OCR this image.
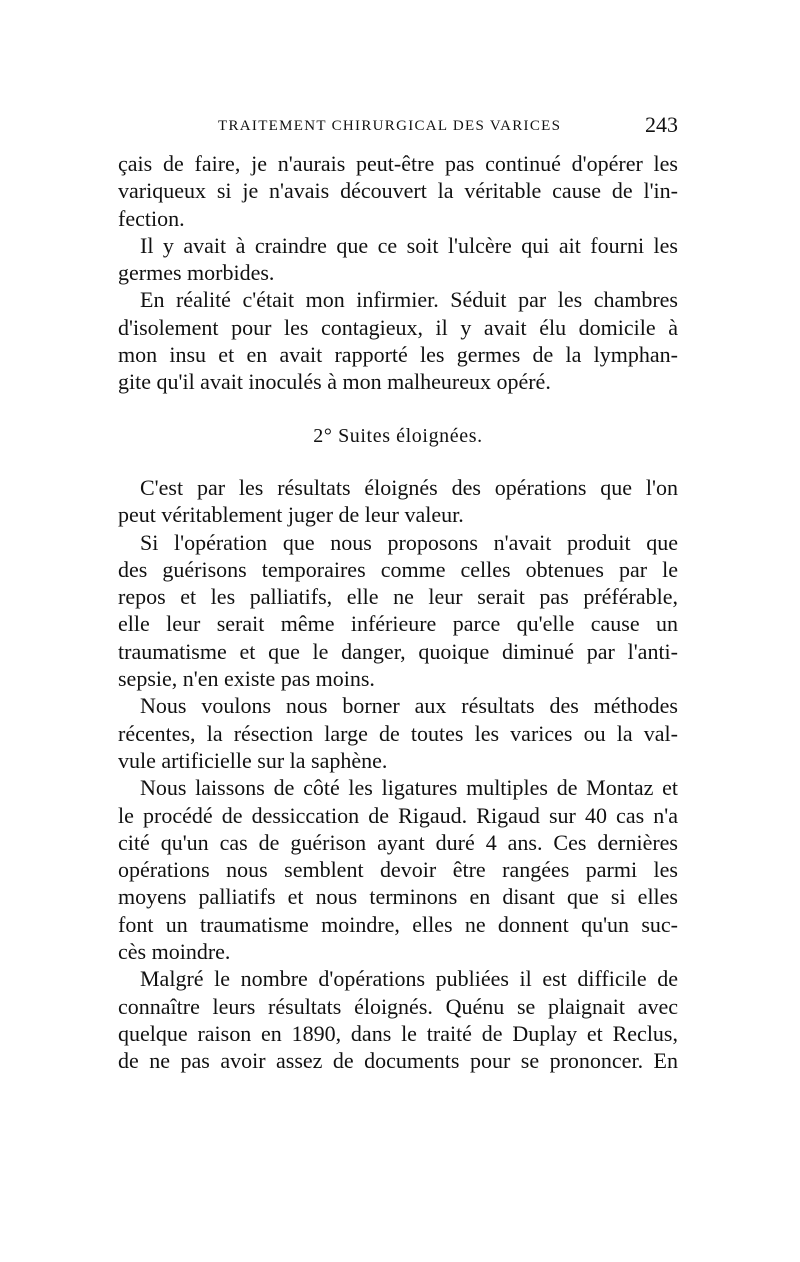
TRAITEMENT CHIRURGICAL DES VARICES	243
çais de faire, je n'aurais peut-être pas continué d'opérer les
variqueux si je n'avais découvert la véritable cause de l'in-
fection.
Il y avait à craindre que ce soit l'ulcère qui ait fourni les
germes morbides.
En réalité c'était mon infirmier. Séduit par les chambres
d'isolement pour les contagieux, il y avait élu domicile à
mon insu et en avait rapporté les germes de la lymphan-
gite qu'il avait inoculés à mon malheureux opéré.
2° Suites éloignées.
C'est par les résultats éloignés des opérations que l'on
peut véritablement juger de leur valeur.
Si l'opération que nous proposons n'avait produit que
des guérisons temporaires comme celles obtenues par le
repos et les palliatifs, elle ne leur serait pas préférable,
elle leur serait même inférieure parce qu'elle cause un
traumatisme et que le danger, quoique diminué par l'anti-
sepsie, n'en existe pas moins.
Nous voulons nous borner aux résultats des méthodes
récentes, la résection large de toutes les varices ou la val-
vule artificielle sur la saphène.
Nous laissons de côté les ligatures multiples de Montaz et
le procédé de dessiccation de Rigaud. Rigaud sur 40 cas n'a
cité qu'un cas de guérison ayant duré 4 ans. Ces dernières
opérations nous semblent devoir être rangées parmi les
moyens palliatifs et nous terminons en disant que si elles
font un traumatisme moindre, elles ne donnent qu'un suc-
cès moindre.
Malgré le nombre d'opérations publiées il est difficile de
connaître leurs résultats éloignés. Quénu se plaignait avec
quelque raison en 1890, dans le traité de Duplay et Reclus,
de ne pas avoir assez de documents pour se prononcer. En
